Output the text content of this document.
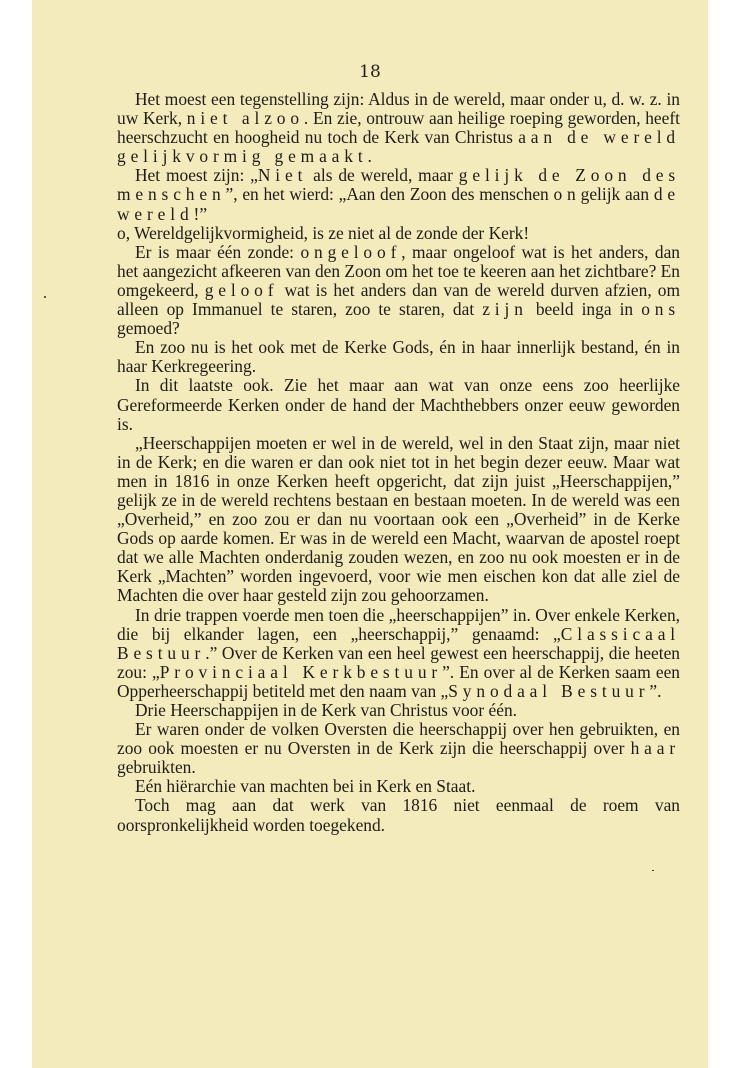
18

Het moest een tegenstelling zijn: Aldus in de wereld, maar onder u, d. w. z. in uw Kerk, niet alzoo. En zie, ontrouw aan heilige roeping geworden, heeft heerschzucht en hoogheid nu toch de Kerk van Christus aan de wereld gelijkvormig gemaakt.

Het moest zijn: „Niet als de wereld, maar gelijk de Zoon des menschen”, en het wierd: „Aan den Zoon des menschen ongelijk aan de wereld!”

o, Wereldgelijkvormigheid, is ze niet al de zonde der Kerk!

Er is maar één zonde: ongeloof, maar ongeloof wat is het anders, dan het aangezicht afkeeren van den Zoon om het toe te keeren aan het zichtbare? En omgekeerd, geloof wat is het anders dan van de wereld durven afzien, om alleen op Immanuel te staren, zoo te staren, dat zijn beeld inga in ons gemoed?

En zoo nu is het ook met de Kerke Gods, én in haar innerlijk bestand, én in haar Kerkregeering.

In dit laatste ook. Zie het maar aan wat van onze eens zoo heerlijke Gereformeerde Kerken onder de hand der Machthebbers onzer eeuw geworden is.

„Heerschappijen moeten er wel in de wereld, wel in den Staat zijn, maar niet in de Kerk; en die waren er dan ook niet tot in het begin dezer eeuw. Maar wat men in 1816 in onze Kerken heeft opgericht, dat zijn juist „Heerschappijen,” gelijk ze in de wereld rechtens bestaan en bestaan moeten. In de wereld was een „Overheid,” en zoo zou er dan nu voortaan ook een „Overheid” in de Kerke Gods op aarde komen. Er was in de wereld een Macht, waarvan de apostel roept dat we alle Machten onderdanig zouden wezen, en zoo nu ook moesten er in de Kerk „Machten” worden ingevoerd, voor wie men eischen kon dat alle ziel de Machten die over haar gesteld zijn zou gehoorzamen.

In drie trappen voerde men toen die „heerschappijen” in. Over enkele Kerken, die bij elkander lagen, een „heerschappij,” genaamd: „Classicaal Bestuur.” Over de Kerken van een heel gewest een heerschappij, die heeten zou: „Provinciaal Kerkbestuur”. En over al de Kerken saam een Opperheerschappij betiteld met den naam van „Synodaal Bestuur”.

Drie Heerschappijen in de Kerk van Christus voor één.

Er waren onder de volken Oversten die heerschappij over hen gebruikten, en zoo ook moesten er nu Oversten in de Kerk zijn die heerschappij over haar gebruikten.

Eén hiërarchie van machten bei in Kerk en Staat.

Toch mag aan dat werk van 1816 niet eenmaal de roem van oorspronkelijkheid worden toegekend.
